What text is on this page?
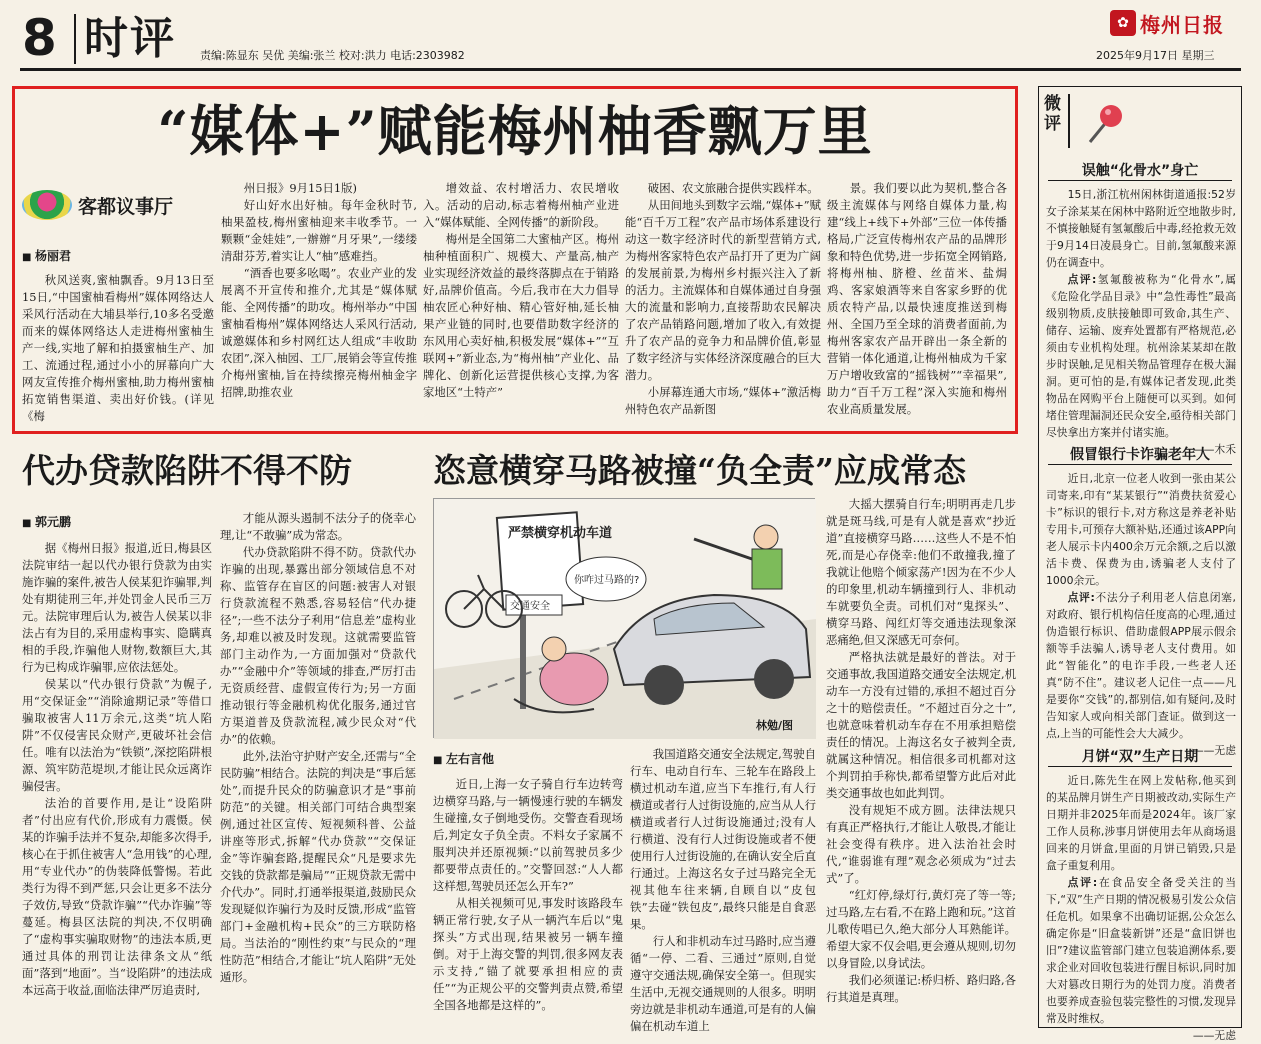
8 时评 责编:陈显东 吴优 美编:张兰 校对:洪力 电话:2303982
✿ 梅州日报
2025年9月17日 星期三
“媒体+”赋能梅州柚香飘万里
客都议事厅
■ 杨丽君
秋风送爽,蜜柚飘香。9月13日至15日,“中国蜜柚看梅州”媒体网络达人采风行活动在大埔县举行,10多名受邀而来的媒体网络达人走进梅州蜜柚生产一线,实地了解和拍摄蜜柚生产、加工、流通过程,通过小小的屏幕向广大网友宣传推介梅州蜜柚,助力梅州蜜柚拓宽销售渠道、卖出好价钱。(详见《梅

州日报》9月15日1版)

好山好水出好柚。每年金秋时节,柚果盈枝,梅州蜜柚迎来丰收季节。一颗颗“金娃娃”,一辦辦“月牙果”,一缕缕清甜芬芳,着实让人“柚”感难挡。

“酒香也要多吆喝”。农业产业的发展离不开宣传和推介,尤其是“媒体赋能、全网传播”的助攻。梅州举办“中国蜜柚看梅州”媒体网络达人采风行活动,诚邀媒体和乡村网红达人组成“丰收助农团”,深入柚园、工厂,展销会等宣传推介梅州蜜柚,旨在持续擦亮梅州柚金字招牌,助推农业

增效益、农村增活力、农民增收入。活动的启动,标志着梅州柚产业进入“媒体赋能、全网传播”的新阶段。

梅州是全国第二大蜜柚产区。梅州柚种植面积广、规模大、产量高,柚产业实现经济效益的最终落脚点在于销路好,品牌价值高。今后,我市在大力倡导柚农匠心种好柚、精心管好柚,延长柚果产业链的同时,也要借助数字经济的东风用心卖好柚,积极发展“媒体+”“互联网+”新业态,为“梅州柚”产业化、品牌化、创新化运营提供核心支撑,为客家地区“土特产”

破困、农文旅融合提供实践样本。

从田间地头到数字云端,“媒体+”赋能“百千万工程”农产品市场体系建设行动这一数字经济时代的新型营销方式,为梅州客家特色农产品打开了更为广阔的发展前景,为梅州乡村振兴注入了新的活力。主流媒体和自媒体通过自身强大的流量和影响力,直接帮助农民解决了农产品销路问题,增加了收入,有效提升了农产品的竞争力和品牌价值,彰显了数字经济与实体经济深度融合的巨大潜力。

小屏幕连通大市场,“媒体+”激活梅州特色农产品新图

景。我们要以此为契机,整合各级主流媒体与网络自媒体力量,构建“线上+线下+外部”三位一体传播格局,广泛宣传梅州农产品的品牌形象和特色优势,进一步拓宽全网销路,将梅州柚、脐橙、丝苗米、盐焗鸡、客家娘酒等来自客家乡野的优质农特产品,以最快速度推送到梅州、全国乃至全球的消费者面前,为梅州客家农产品开辟出一条全新的营销一体化通道,让梅州柚成为千家万户增收致富的“摇钱树”“幸福果”,助力“百千万工程”深入实施和梅州农业高质量发展。

代办贷款陷阱不得不防
■ 郭元鹏

据《梅州日报》报道,近日,梅县区法院审结一起以代办银行贷款为由实施诈骗的案件,被告人侯某犯诈骗罪,判处有期徒刑三年,并处罚金人民币三万元。法院审理后认为,被告人侯某以非法占有为目的,采用虚构事实、隐瞒真相的手段,诈骗他人财物,数额巨大,其行为已构成诈骗罪,应依法惩处。

侯某以“代办银行贷款”为幌子,用“交保证金”“消除逾期记录”等借口骗取被害人11万余元,这类“坑人陷阱”不仅侵害民众财产,更破坏社会信任。唯有以法治为“铁锁”,深挖陷阱根源、筑牢防范堤坝,才能让民众远离诈骗侵害。

法治的首要作用,是让“设陷阱者”付出应有代价,形成有力震慑。侯某的诈骗手法并不复杂,却能多次得手,核心在于抓住被害人“急用钱”的心理,用“专业代办”的伪装降低警惕。若此类行为得不到严惩,只会让更多不法分子效仿,导致“贷款诈骗”“代办诈骗”等蔓延。梅县区法院的判决,不仅明确了“虚构事实骗取财物”的违法本质,更通过具体的刑罚让法律条文从“纸面”落到“地面”。当“设陷阱”的违法成本远高于收益,面临法律严厉追责时,

才能从源头遏制不法分子的侥幸心理,让“不敢骗”成为常态。

代办贷款陷阱不得不防。贷款代办诈骗的出现,暴露出部分领域信息不对称、监管存在盲区的问题:被害人对银行贷款流程不熟悉,容易轻信“代办捷径”;一些不法分子利用“信息差”虚构业务,却难以被及时发现。这就需要监管部门主动作为,一方面加强对“贷款代办”“金融中介”等领域的排查,严厉打击无资质经营、虚假宣传行为;另一方面推动银行等金融机构优化服务,通过官方渠道普及贷款流程,减少民众对“代办”的依赖。

此外,法治守护财产安全,还需与“全民防骗”相结合。法院的判决是“事后惩处”,而提升民众的防骗意识才是“事前防范”的关键。相关部门可结合典型案例,通过社区宣传、短视频科普、公益讲座等形式,拆解“代办贷款”“交保证金”等诈骗套路,提醒民众“凡是要求先交钱的贷款都是骗局”“正规贷款无需中介代办”。同时,打通举报渠道,鼓励民众发现疑似诈骗行为及时反馈,形成“监管部门+金融机构+民众”的三方联防格局。当法治的“刚性约束”与民众的“理性防范”相结合,才能让“坑人陷阱”无处遁形。

恣意横穿马路被撞“负全责”应成常态
严禁横穿机动车道
交通安全
你咋过马路的?
林勉/图
■ 左右言他

近日,上海一女子骑自行车边转弯边横穿马路,与一辆慢速行驶的车辆发生碰撞,女子倒地受伤。交警查看现场后,判定女子负全责。不料女子家属不服判决并还原视频:“以前驾驶员多少都要带点责任的。”交警回怼:“人人都这样想,驾驶员还怎么开车?”

从相关视频可见,事发时该路段车辆正常行驶,女子从一辆汽车后以“鬼探头”方式出现,结果被另一辆车撞倒。对于上海交警的判罚,很多网友表示支持,“锚了就要承担相应的责任”“为正规公平的交警判责点赞,希望全国各地都是这样的”。

我国道路交通安全法规定,驾驶自行车、电动自行车、三轮车在路段上横过机动车道,应当下车推行,有人行横道或者行人过街设施的,应当从人行横道或者行人过街设施通过;没有人行横道、没有行人过街设施或者不便使用行人过街设施的,在确认安全后直行通过。上海这名女子过马路完全无视其他车往来辆,自顾自以“皮包铁”去碰“铁包皮”,最终只能是自食恶果。

行人和非机动车过马路时,应当遵循“一停、二看、三通过”原则,自觉遵守交通法规,确保安全第一。但现实生活中,无视交通规则的人很多。明明旁边就是非机动车通道,可是有的人偏偏在机动车道上

大摇大摆骑自行车;明明再走几步就是斑马线,可是有人就是喜欢“抄近道”直接横穿马路……这些人不是不怕死,而是心存侥幸:他们不敢撞我,撞了我就让他赔个倾家荡产!因为在不少人的印象里,机动车辆撞到行人、非机动车就要负全责。司机们对“鬼探头”、横穿马路、闯红灯等交通违法现象深恶痛绝,但又深感无可奈何。

严格执法就是最好的普法。对于交通事故,我国道路交通安全法规定,机动车一方没有过错的,承担不超过百分之十的赔偿责任。“不超过百分之十”,也就意味着机动车存在不用承担赔偿责任的情况。上海这名女子被判全责,就属这种情况。相信很多司机都对这个判罚拍手称快,都希望警方此后对此类交通事故也如此判罚。

没有规矩不成方圆。法律法规只有真正严格执行,才能让人敬畏,才能让社会变得有秩序。进入法治社会时代,“谁弱谁有理”观念必须成为“过去式”了。

“红灯停,绿灯行,黄灯亮了等一等;过马路,左右看,不在路上跑和玩。”这首儿歌传唱已久,绝大部分人耳熟能详。希望大家不仅会唱,更会遵从规则,切勿以身冒险,以身试法。

我们必须谨记:桥归桥、路归路,各行其道是真理。

微评
误触“化骨水”身亡

15日,浙江杭州闲林街道通报:52岁女子涂某某在闲林中路附近空地散步时,不慎接触疑有氢氟酸后中毒,经抢救无效于9月14日凌晨身亡。目前,氢氟酸来源仍在调查中。

点评:氢氟酸被称为“化骨水”,属《危险化学品目录》中“急性毒性”最高级别物质,皮肤接触即可致命,其生产、储存、运输、废弃处置都有严格规范,必须由专业机构处理。杭州涂某某却在散步时误触,足见相关物品管理存在极大漏洞。更可怕的是,有媒体记者发现,此类物品在网购平台上随便可以买到。如何堵住管理漏洞还民众安全,亟待相关部门尽快拿出方案并付诸实施。

——木禾

假冒银行卡诈骗老年人

近日,北京一位老人收到一张由某公司寄来,印有“某某银行”“消费扶贫爱心卡”标识的银行卡,对方称这是养老补贴专用卡,可预存大额补贴,还通过该APP向老人展示卡内400余万元余额,之后以激活卡费、保费为由,诱骗老人支付了1000余元。

点评:不法分子利用老人信息闭塞,对政府、银行机构信任度高的心理,通过伪造银行标识、借助虚假APP展示假余额等手法骗人,诱导老人支付费用。如此“智能化”的电诈手段,一些老人还真“防不住”。建议老人记住一点——凡是要你“交钱”的,都别信,如有疑问,及时告知家人或向相关部门查证。做到这一点,上当的可能性会大大减少。

——无虑

月饼“双”生产日期

近日,陈先生在网上发帖称,他买到的某品牌月饼生产日期被改动,实际生产日期并非2025年而是2024年。该厂家工作人员称,涉事月饼使用去年从商场退回来的月饼盒,里面的月饼已销毁,只是盒子重复利用。

点评:在食品安全备受关注的当下,“双”生产日期的情况极易引发公众信任危机。如果拿不出确切证据,公众怎么确定你是“旧盒装新饼”还是“盒旧饼也旧”?建议监管部门建立包装追溯体系,要求企业对回收包装进行醒目标识,同时加大对篡改日期行为的处罚力度。消费者也要养成查验包装完整性的习惯,发现异常及时维权。

——无虑
